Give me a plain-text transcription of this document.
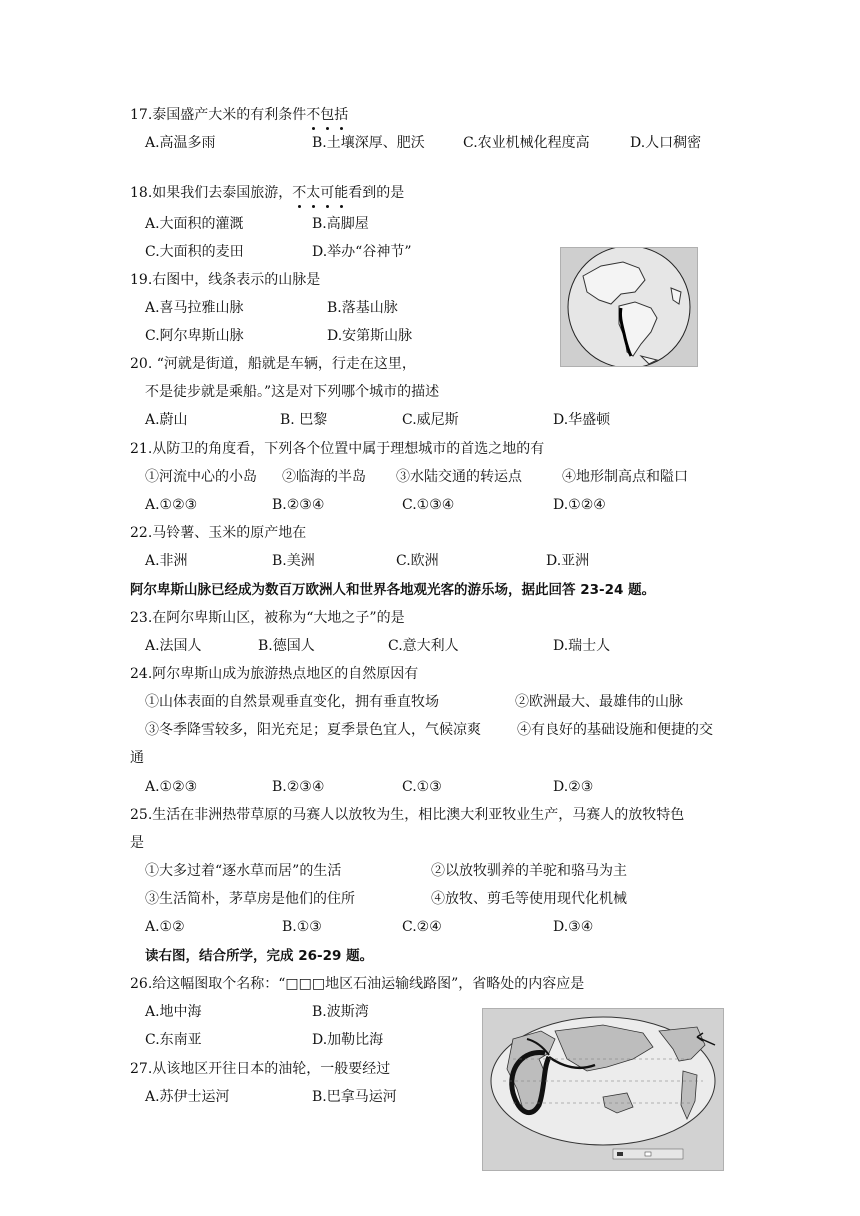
17.泰国盛产大米的有利条件不包括
A.高温多雨	B.土壤深厚、肥沃	C.农业机械化程度高	D.人口稠密
18.如果我们去泰国旅游，不太可能看到的是
A.大面积的灌溉	B.高脚屋
C.大面积的麦田	D.举办“谷神节”
19.右图中，线条表示的山脉是
A.喜马拉雅山脉	B.落基山脉
C.阿尔卑斯山脉	D.安第斯山脉
20. “河就是街道，船就是车辆，行走在这里，
不是徒步就是乘船。”这是对下列哪个城市的描述
A.蔚山	B. 巴黎	C.威尼斯	D.华盛顿
21.从防卫的角度看，下列各个位置中属于理想城市的首选之地的有
①河流中心的小岛 ②临海的半岛 ③水陆交通的转运点	④地形制高点和隘口
A.①②③	B.②③④	C.①③④	D.①②④
22.马铃薯、玉米的原产地在
A.非洲	B.美洲	C.欧洲	D.亚洲
阿尔卑斯山脉已经成为数百万欧洲人和世界各地观光客的游乐场，据此回答 23-24 题。
23.在阿尔卑斯山区，被称为“大地之子”的是
A.法国人	B.德国人	C.意大利人	D.瑞士人
24.阿尔卑斯山成为旅游热点地区的自然原因有
①山体表面的自然景观垂直变化，拥有垂直牧场	②欧洲最大、最雄伟的山脉
③冬季降雪较多，阳光充足；夏季景色宜人，气候凉爽	④有良好的基础设施和便捷的交
通
A.①②③	B.②③④	C.①③	D.②③
25.生活在非洲热带草原的马赛人以放牧为生，相比澳大利亚牧业生产，马赛人的放牧特色
是
①大多过着“逐水草而居”的生活	②以放牧驯养的羊驼和骆马为主
③生活简朴，茅草房是他们的住所	④放牧、剪毛等使用现代化机械
A.①②	B.①③	C.②④	D.③④
读右图，结合所学，完成 26-29 题。
26.给这幅图取个名称：“□□□地区石油运输线路图”，省略处的内容应是
A.地中海	B.波斯湾
C.东南亚	D.加勒比海
27.从该地区开往日本的油轮，一般要经过
A.苏伊士运河	B.巴拿马运河
